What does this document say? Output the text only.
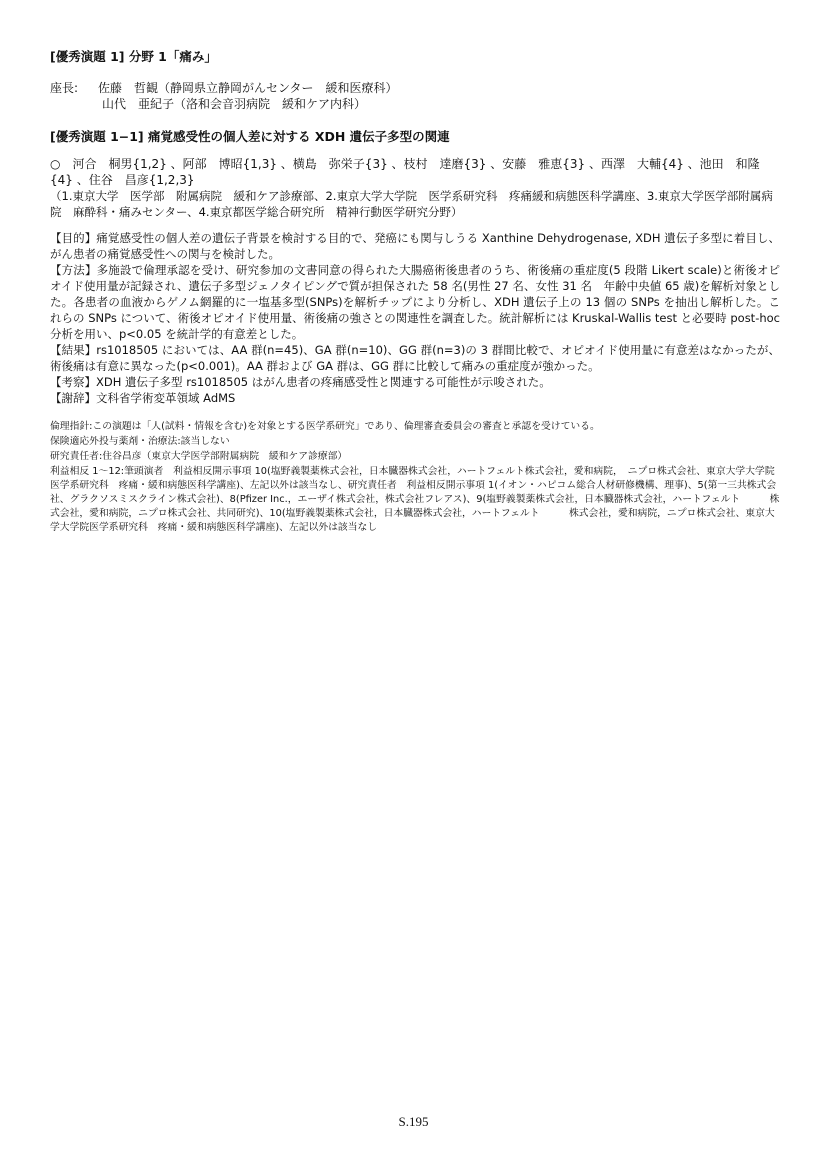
[優秀演題 1] 分野 1「痛み」
座長:	佐藤　哲観（静岡県立静岡がんセンター　緩和医療科）
山代　亜紀子（洛和会音羽病院　緩和ケア内科）
[優秀演題 1−1] 痛覚感受性の個人差に対する XDH 遺伝子多型の関連
○　河合　桐男{1,2} 、阿部　博昭{1,3} 、横島　弥栄子{3} 、枝村　達磨{3} 、安藤　雅恵{3} 、西澤　大輔{4} 、池田　和隆{4} 、住谷　昌彦{1,2,3}
（1.東京大学　医学部　附属病院　緩和ケア診療部、2.東京大学大学院　医学系研究科　疼痛緩和病態医科学講座、3.東京大学医学部附属病院　麻酔科・痛みセンター、4.東京都医学総合研究所　精神行動医学研究分野）

【目的】痛覚感受性の個人差の遺伝子背景を検討する目的で、発癌にも関与しうる Xanthine Dehydrogenase, XDH 遺伝子多型に着目し、がん患者の痛覚感受性への関与を検討した。

【方法】多施設で倫理承認を受け、研究参加の文書同意の得られた大腸癌術後患者のうち、術後痛の重症度(5 段階 Likert scale)と術後オピオイド使用量が記録され、遺伝子多型ジェノタイピングで質が担保された 58 名(男性 27 名、女性 31 名　年齢中央値 65 歳)を解析対象とした。各患者の血液からゲノム網羅的に一塩基多型(SNPs)を解析チップにより分析し、XDH 遺伝子上の 13 個の SNPs を抽出し解析した。これらの SNPs について、術後オピオイド使用量、術後痛の強さとの関連性を調査した。統計解析には Kruskal-Wallis test と必要時 post-hoc 分析を用い、p<0.05 を統計学的有意差とした。

【結果】rs1018505 においては、AA 群(n=45)、GA 群(n=10)、GG 群(n=3)の 3 群間比較で、オピオイド使用量に有意差はなかったが、術後痛は有意に異なった(p<0.001)。AA 群および GA 群は、GG 群に比較して痛みの重症度が強かった。

【考察】XDH 遺伝子多型 rs1018505 はがん患者の疼痛感受性と関連する可能性が示唆された。

【謝辞】文科省学術変革領域 AdMS

倫理指針:この演題は「人(試料・情報を含む)を対象とする医学系研究」であり、倫理審査委員会の審査と承認を受けている。

保険適応外投与薬剤・治療法:該当しない

研究責任者:住谷昌彦（東京大学医学部附属病院　緩和ケア診療部）

利益相反 1〜12:筆頭演者　利益相反開示事項 10(塩野義製薬株式会社，日本臓器株式会社，ハートフェルト株式会社，愛和病院，　ニプロ株式会社、東京大学大学院医学系研究科　疼痛・緩和病態医科学講座)、左記以外は該当なし、研究責任者　利益相反開示事項 1(イオン・ハピコム総合人材研修機構、理事)、5(第一三共株式会社、グラクソスミスクライン株式会社)、8(Pfizer Inc.，エーザイ株式会社，株式会社フレアス)、9(塩野義製薬株式会社，日本臓器株式会社，ハートフェルト　　　株式会社，愛和病院，ニプロ株式会社、共同研究)、10(塩野義製薬株式会社，日本臓器株式会社，ハートフェルト　　　株式会社，愛和病院，ニプロ株式会社、東京大学大学院医学系研究科　疼痛・緩和病態医科学講座)、左記以外は該当なし

S.195
